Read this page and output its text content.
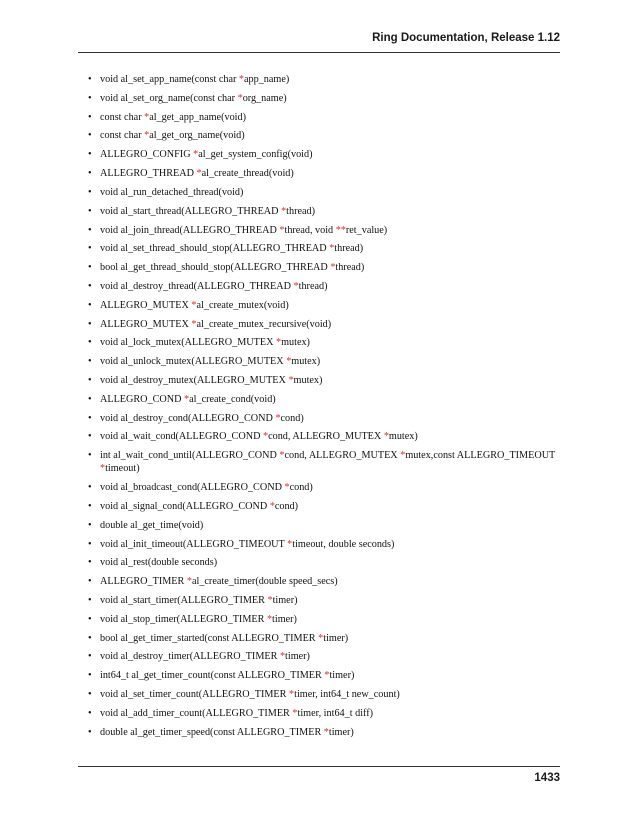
Ring Documentation, Release 1.12
• void al_set_app_name(const char *app_name)
• void al_set_org_name(const char *org_name)
• const char *al_get_app_name(void)
• const char *al_get_org_name(void)
• ALLEGRO_CONFIG *al_get_system_config(void)
• ALLEGRO_THREAD *al_create_thread(void)
• void al_run_detached_thread(void)
• void al_start_thread(ALLEGRO_THREAD *thread)
• void al_join_thread(ALLEGRO_THREAD *thread, void **ret_value)
• void al_set_thread_should_stop(ALLEGRO_THREAD *thread)
• bool al_get_thread_should_stop(ALLEGRO_THREAD *thread)
• void al_destroy_thread(ALLEGRO_THREAD *thread)
• ALLEGRO_MUTEX *al_create_mutex(void)
• ALLEGRO_MUTEX *al_create_mutex_recursive(void)
• void al_lock_mutex(ALLEGRO_MUTEX *mutex)
• void al_unlock_mutex(ALLEGRO_MUTEX *mutex)
• void al_destroy_mutex(ALLEGRO_MUTEX *mutex)
• ALLEGRO_COND *al_create_cond(void)
• void al_destroy_cond(ALLEGRO_COND *cond)
• void al_wait_cond(ALLEGRO_COND *cond, ALLEGRO_MUTEX *mutex)
• int al_wait_cond_until(ALLEGRO_COND *cond, ALLEGRO_MUTEX *mutex,const ALLEGRO_TIMEOUT *timeout)
• void al_broadcast_cond(ALLEGRO_COND *cond)
• void al_signal_cond(ALLEGRO_COND *cond)
• double al_get_time(void)
• void al_init_timeout(ALLEGRO_TIMEOUT *timeout, double seconds)
• void al_rest(double seconds)
• ALLEGRO_TIMER *al_create_timer(double speed_secs)
• void al_start_timer(ALLEGRO_TIMER *timer)
• void al_stop_timer(ALLEGRO_TIMER *timer)
• bool al_get_timer_started(const ALLEGRO_TIMER *timer)
• void al_destroy_timer(ALLEGRO_TIMER *timer)
• int64_t al_get_timer_count(const ALLEGRO_TIMER *timer)
• void al_set_timer_count(ALLEGRO_TIMER *timer, int64_t new_count)
• void al_add_timer_count(ALLEGRO_TIMER *timer, int64_t diff)
• double al_get_timer_speed(const ALLEGRO_TIMER *timer)
1433
